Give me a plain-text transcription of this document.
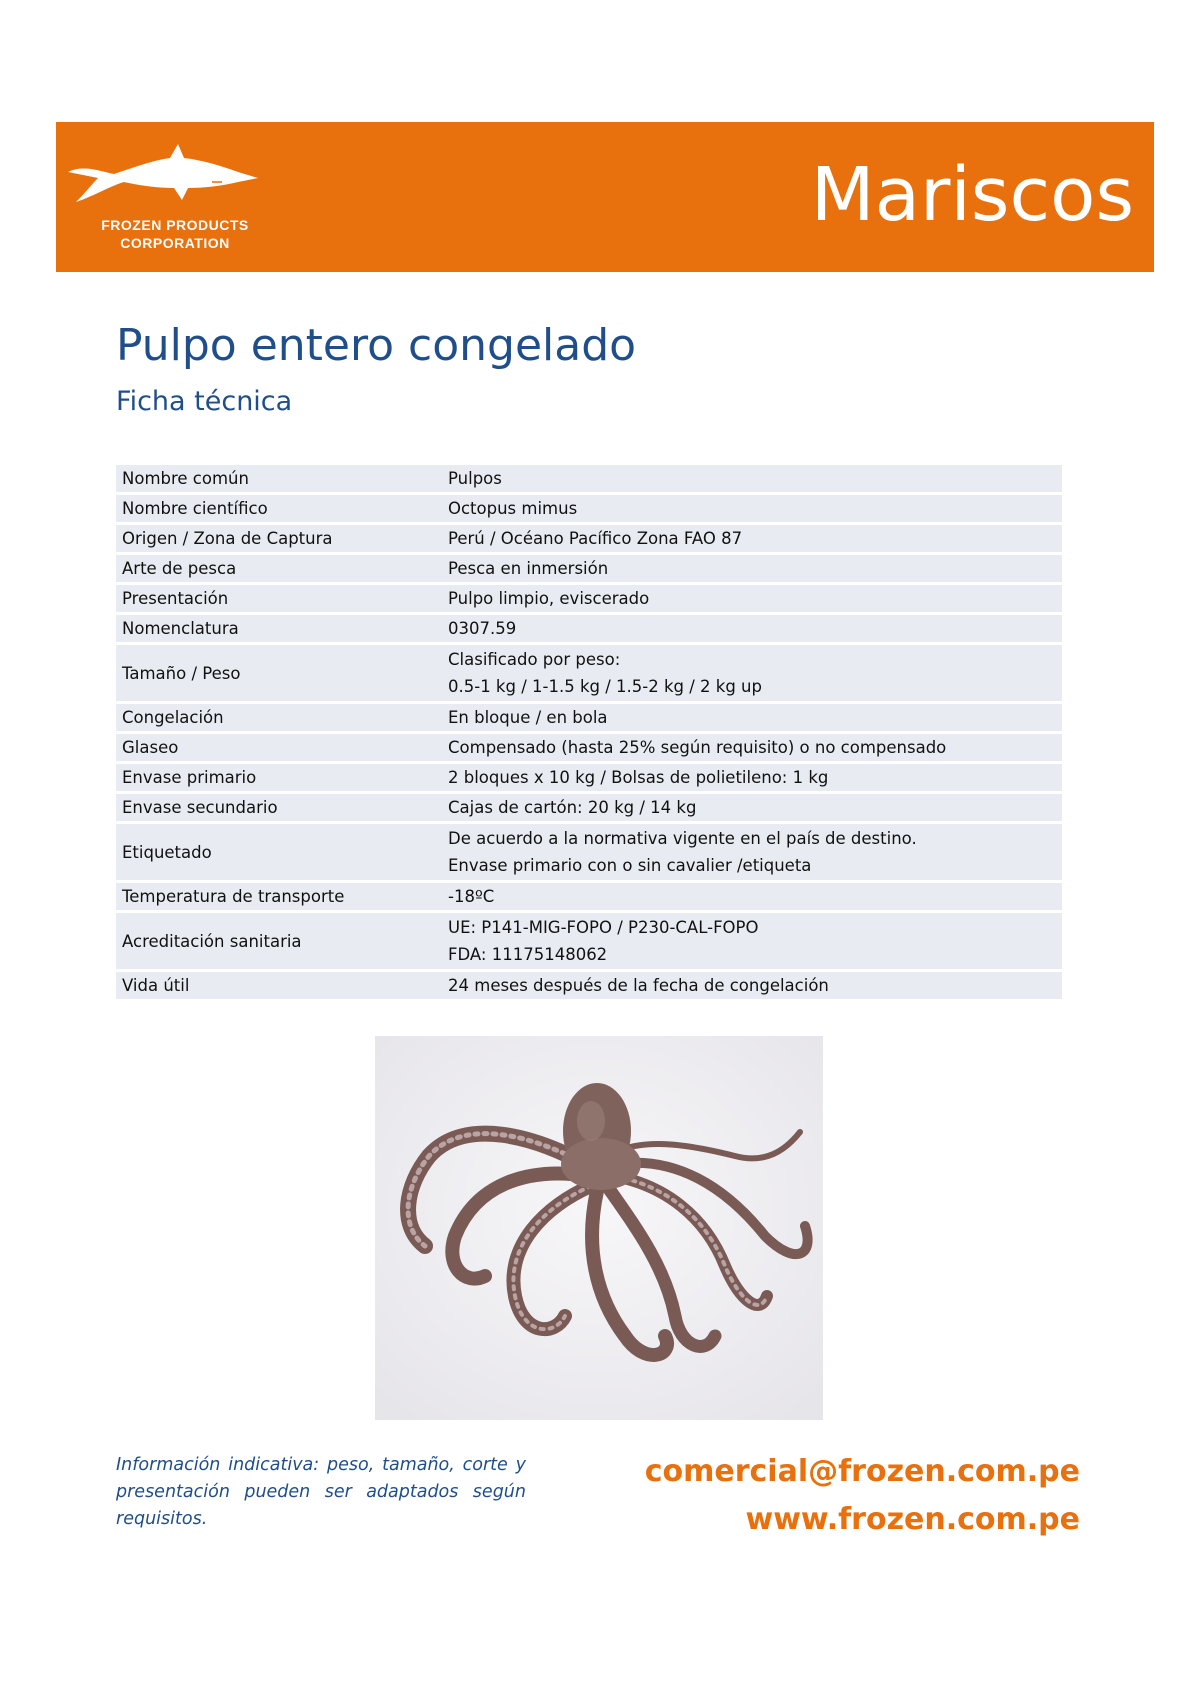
FROZEN PRODUCTS
CORPORATION
Mariscos
Pulpo entero congelado
Ficha técnica
Nombre común	Pulpos

Nombre científico	Octopus mimus

Origen / Zona de Captura	Perú / Océano Pacífico Zona FAO 87

Arte de pesca	Pesca en inmersión

Presentación	Pulpo limpio, eviscerado

Nomenclatura	0307.59

Tamaño / Peso	Clasificado por peso:
0.5-1 kg / 1-1.5 kg / 1.5-2 kg / 2 kg up

Congelación	En bloque / en bola

Glaseo	Compensado (hasta 25% según requisito) o no compensado

Envase primario	2 bloques x 10 kg / Bolsas de polietileno: 1 kg

Envase secundario	Cajas de cartón: 20 kg / 14 kg

Etiquetado	De acuerdo a la normativa vigente en el país de destino.
Envase primario con o sin cavalier /etiqueta

Temperatura de transporte	-18ºC

Acreditación sanitaria	UE: P141-MIG-FOPO / P230-CAL-FOPO
FDA: 11175148062

Vida útil	24 meses después de la fecha de congelación
Información indicativa: peso, tamaño, corte y presentación pueden ser adaptados según requisitos.
comercial@frozen.com.pe
www.frozen.com.pe
